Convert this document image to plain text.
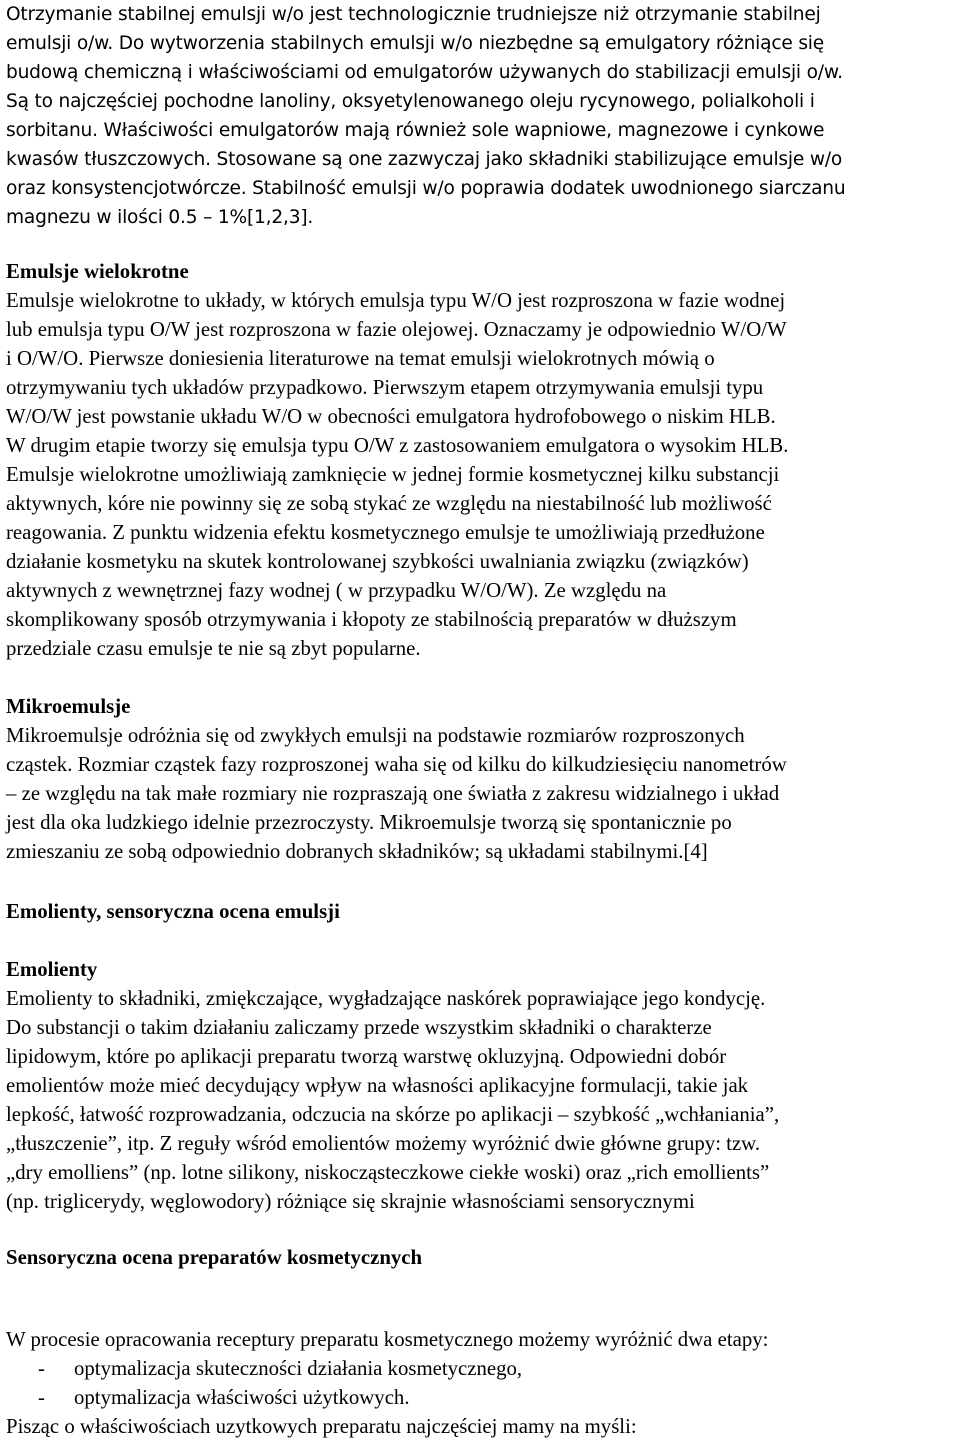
Otrzymanie stabilnej emulsji w/o jest technologicznie trudniejsze niż otrzymanie stabilnej
emulsji o/w. Do wytworzenia stabilnych emulsji w/o niezbędne są emulgatory różniące się
budową chemiczną i właściwościami od emulgatorów używanych do stabilizacji emulsji o/w.
Są to najczęściej pochodne lanoliny, oksyetylenowanego oleju rycynowego, polialkoholi i
sorbitanu. Właściwości emulgatorów mają również sole wapniowe, magnezowe i cynkowe
kwasów tłuszczowych. Stosowane są one zazwyczaj jako składniki stabilizujące emulsje w/o
oraz konsystencjotwórcze. Stabilność emulsji w/o poprawia dodatek uwodnionego siarczanu
magnezu w ilości 0.5 – 1%[1,2,3].
Emulsje wielokrotne
Emulsje wielokrotne to układy, w których emulsja typu W/O jest rozproszona w fazie wodnej
lub emulsja typu O/W jest rozproszona w fazie olejowej. Oznaczamy je odpowiednio W/O/W
i O/W/O. Pierwsze doniesienia literaturowe na temat emulsji wielokrotnych mówią o
otrzymywaniu tych układów przypadkowo. Pierwszym etapem otrzymywania emulsji typu
W/O/W jest powstanie układu W/O w obecności emulgatora hydrofobowego o niskim HLB.
W drugim etapie tworzy się emulsja typu O/W z zastosowaniem emulgatora o wysokim HLB.
Emulsje wielokrotne umożliwiają zamknięcie w jednej formie kosmetycznej kilku substancji
aktywnych, kóre nie powinny się ze sobą stykać ze względu na niestabilność lub możliwość
reagowania. Z punktu widzenia efektu kosmetycznego emulsje te umożliwiają przedłużone
działanie kosmetyku na skutek kontrolowanej szybkości uwalniania związku (związków)
aktywnych z wewnętrznej fazy wodnej ( w przypadku W/O/W). Ze względu na
skomplikowany sposób otrzymywania i kłopoty ze stabilnością preparatów w dłuższym
przedziale czasu emulsje te nie są zbyt popularne.
Mikroemulsje
Mikroemulsje odróżnia się od zwykłych emulsji na podstawie rozmiarów rozproszonych
cząstek. Rozmiar cząstek fazy rozproszonej waha się od kilku do kilkudziesięciu nanometrów
– ze względu na tak małe rozmiary nie rozpraszają one światła z zakresu widzialnego i układ
jest dla oka ludzkiego idelnie przezroczysty. Mikroemulsje tworzą się spontanicznie po
zmieszaniu ze sobą odpowiednio dobranych składników; są układami stabilnymi.[4]
Emolienty, sensoryczna ocena emulsji
Emolienty
Emolienty to składniki, zmiękczające, wygładzające naskórek poprawiające jego kondycję.
Do substancji o takim działaniu zaliczamy przede wszystkim składniki o charakterze
lipidowym, które po aplikacji preparatu tworzą warstwę okluzyjną. Odpowiedni dobór
emolientów może mieć decydujący wpływ na własności aplikacyjne formulacji, takie jak
lepkość, łatwość rozprowadzania, odczucia na skórze po aplikacji – szybkość „wchłaniania”,
„tłuszczenie”, itp. Z reguły wśród emolientów możemy wyróżnić dwie główne grupy: tzw.
„dry emolliens” (np. lotne silikony, niskocząsteczkowe ciekłe woski) oraz „rich emollients”
(np. triglicerydy, węglowodory) różniące się skrajnie własnościami sensorycznymi
Sensoryczna ocena preparatów kosmetycznych
W procesie opracowania receptury preparatu kosmetycznego możemy wyróżnić dwa etapy:
- optymalizacja skuteczności działania kosmetycznego,
- optymalizacja właściwości użytkowych.
Pisząc o właściwościach uzytkowych preparatu najczęściej mamy na myśli:
